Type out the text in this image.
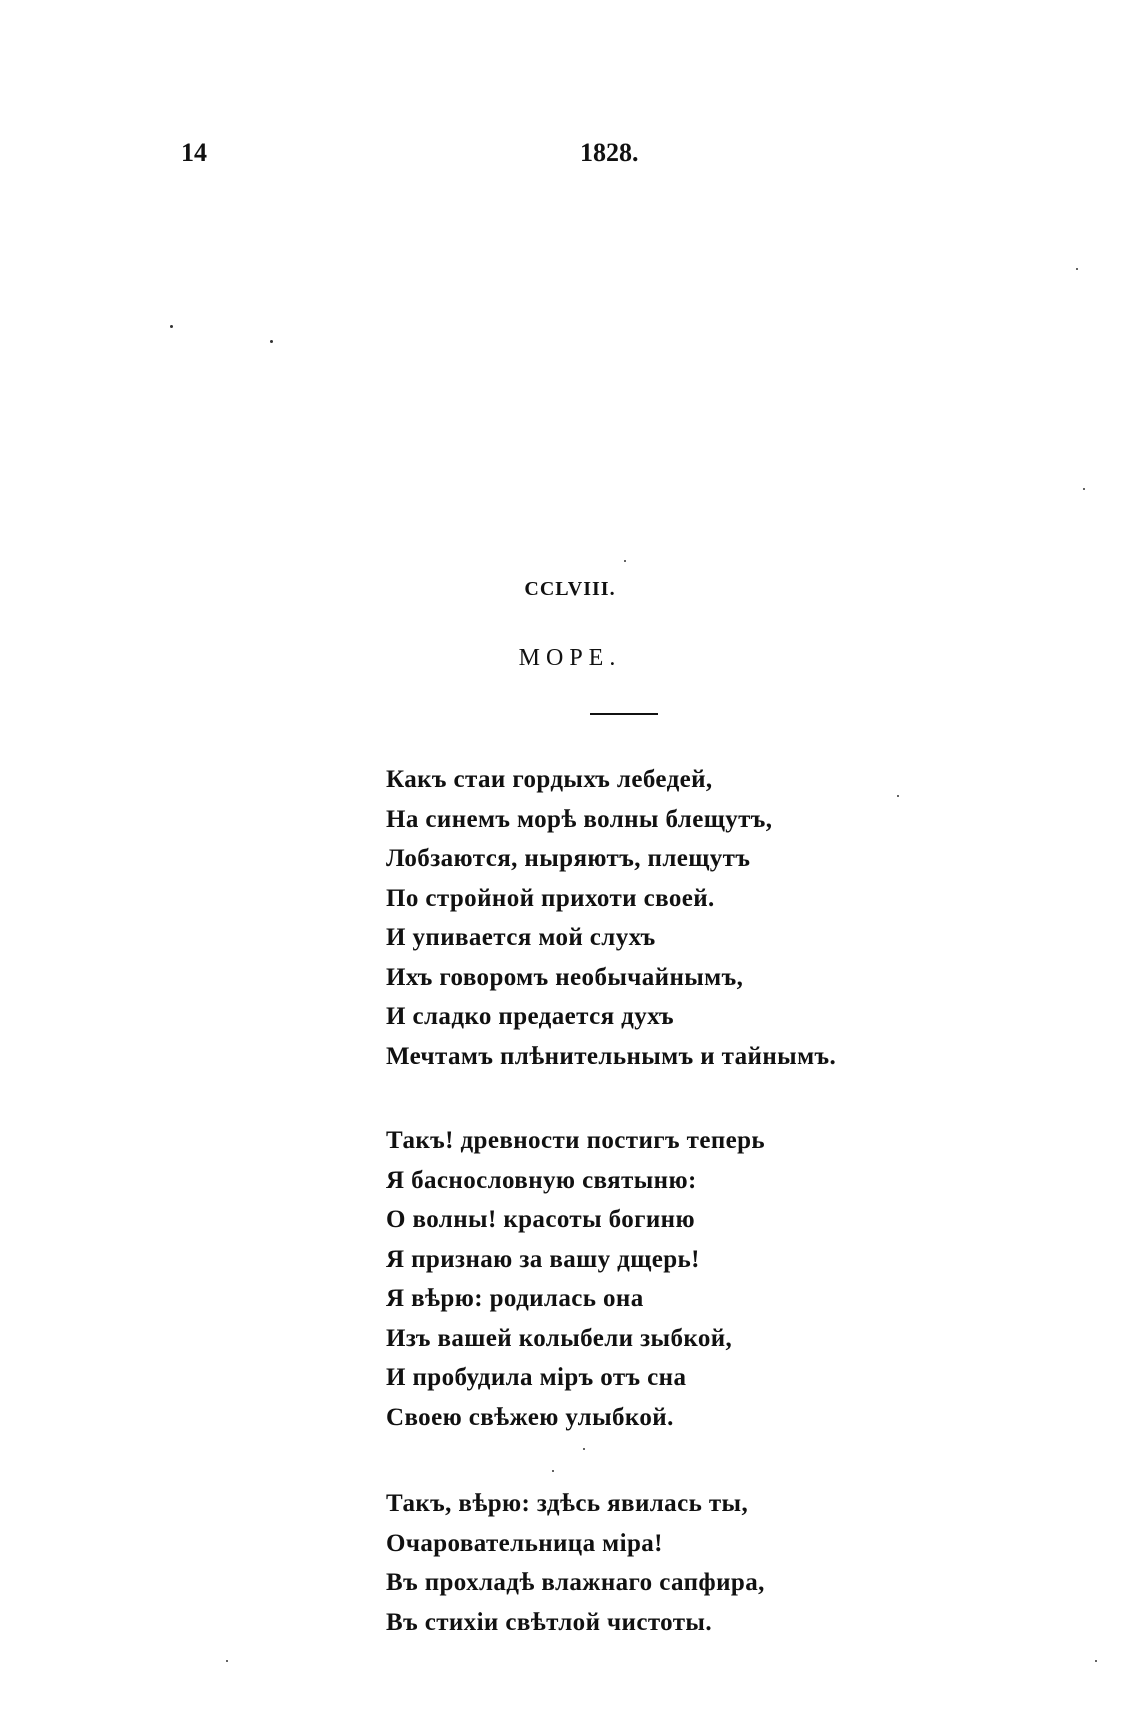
14	1828.
CCLVIII.
МОРЕ.
Какъ стаи гордыхъ лебедей,
На синемъ морѣ волны блещутъ,
Лобзаются, ныряютъ, плещутъ
По стройной прихоти своей.
И упивается мой слухъ
Ихъ говоромъ необычайнымъ,
И сладко предается духъ
Мечтамъ плѣнительнымъ и тайнымъ.
Такъ! древности постигъ теперь
Я баснословную святыню:
О волны! красоты богиню
Я признаю за вашу дщерь!
Я вѣрю: родилась она
Изъ вашей колыбели зыбкой,
И пробудила міръ отъ сна
Своею свѣжею улыбкой.
Такъ, вѣрю: здѣсь явилась ты,
Очаровательница міра!
Въ прохладѣ влажнаго сапфира,
Въ стихіи свѣтлой чистоты.
